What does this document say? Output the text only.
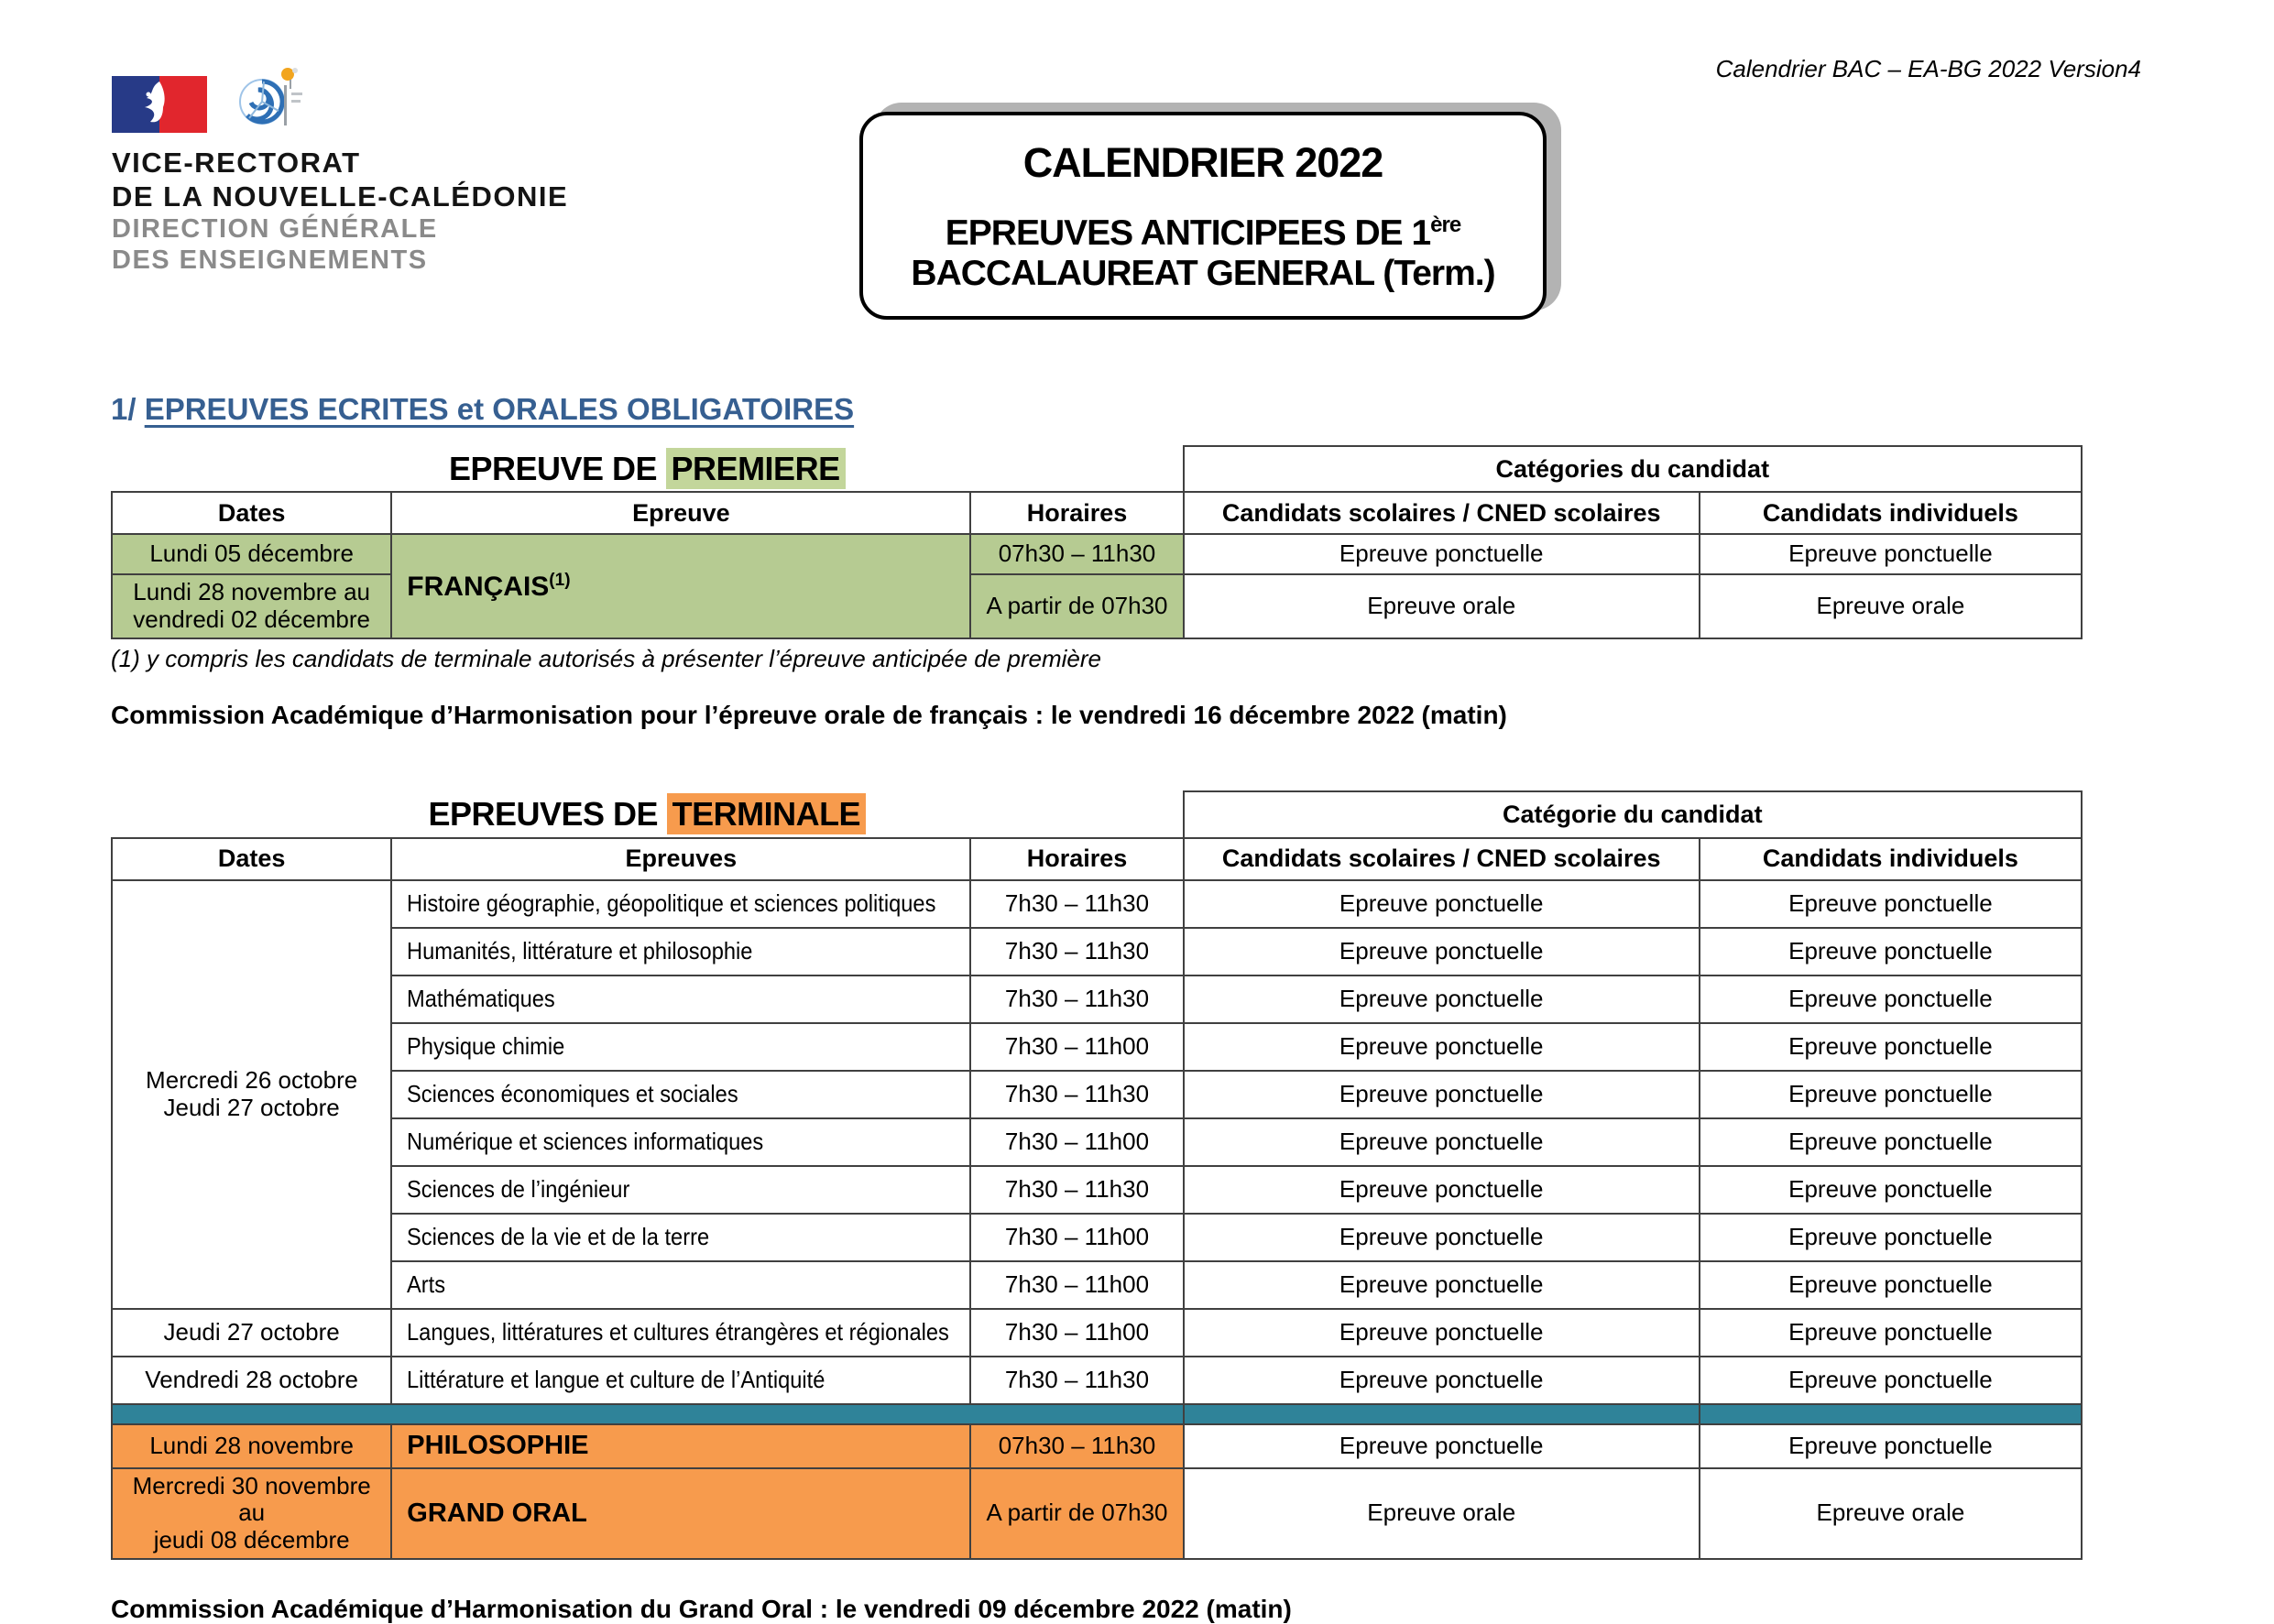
Calendrier BAC – EA-BG 2022 Version4
VICE-RECTORAT
DE LA NOUVELLE-CALÉDONIE
DIRECTION GÉNÉRALE
DES ENSEIGNEMENTS
CALENDRIER 2022
EPREUVES ANTICIPEES DE 1ère
BACCALAUREAT GENERAL (Term.)
1/ EPREUVES ECRITES et ORALES OBLIGATOIRES
EPREUVE DE PREMIERE			Catégories du candidat	
Dates	Epreuve	Horaires	Candidats scolaires / CNED scolaires	Candidats individuels
Lundi 05 décembre	FRANÇAIS$^{(1)}$	07h30 – 11h30	Epreuve ponctuelle	Epreuve ponctuelle

Lundi 28 novembre au
vendredi 02 décembre		A partir de 07h30	Epreuve orale	Epreuve orale
(1) y compris les candidats de terminale autorisés à présenter l’épreuve anticipée de première
Commission Académique d’Harmonisation pour l’épreuve orale de français : le vendredi 16 décembre 2022 (matin)
EPREUVES DE TERMINALE			Catégorie du candidat	
Dates	Epreuves	Horaires	Candidats scolaires / CNED scolaires	Candidats individuels

Mercredi 26 octobre
Jeudi 27 octobre	Histoire géographie, géopolitique et sciences politiques	7h30 – 11h30	Epreuve ponctuelle	Epreuve ponctuelle
	Humanités, littérature et philosophie	7h30 – 11h30	Epreuve ponctuelle	Epreuve ponctuelle
	Mathématiques	7h30 – 11h30	Epreuve ponctuelle	Epreuve ponctuelle
	Physique chimie	7h30 – 11h00	Epreuve ponctuelle	Epreuve ponctuelle
	Sciences économiques et sociales	7h30 – 11h30	Epreuve ponctuelle	Epreuve ponctuelle
	Numérique et sciences informatiques	7h30 – 11h00	Epreuve ponctuelle	Epreuve ponctuelle
	Sciences de l’ingénieur	7h30 – 11h30	Epreuve ponctuelle	Epreuve ponctuelle
	Sciences de la vie et de la terre	7h30 – 11h00	Epreuve ponctuelle	Epreuve ponctuelle
	Arts	7h30 – 11h00	Epreuve ponctuelle	Epreuve ponctuelle
Jeudi 27 octobre	Langues, littératures et cultures étrangères et régionales	7h30 – 11h00	Epreuve ponctuelle	Epreuve ponctuelle
Vendredi 28 octobre	Littérature et langue et culture de l’Antiquité	7h30 – 11h30	Epreuve ponctuelle	Epreuve ponctuelle

Lundi 28 novembre	PHILOSOPHIE	07h30 – 11h30	Epreuve ponctuelle	Epreuve ponctuelle

Mercredi 30 novembre au
jeudi 08 décembre	GRAND ORAL	A partir de 07h30	Epreuve orale	Epreuve orale
Commission Académique d’Harmonisation du Grand Oral : le vendredi 09 décembre 2022 (matin)
